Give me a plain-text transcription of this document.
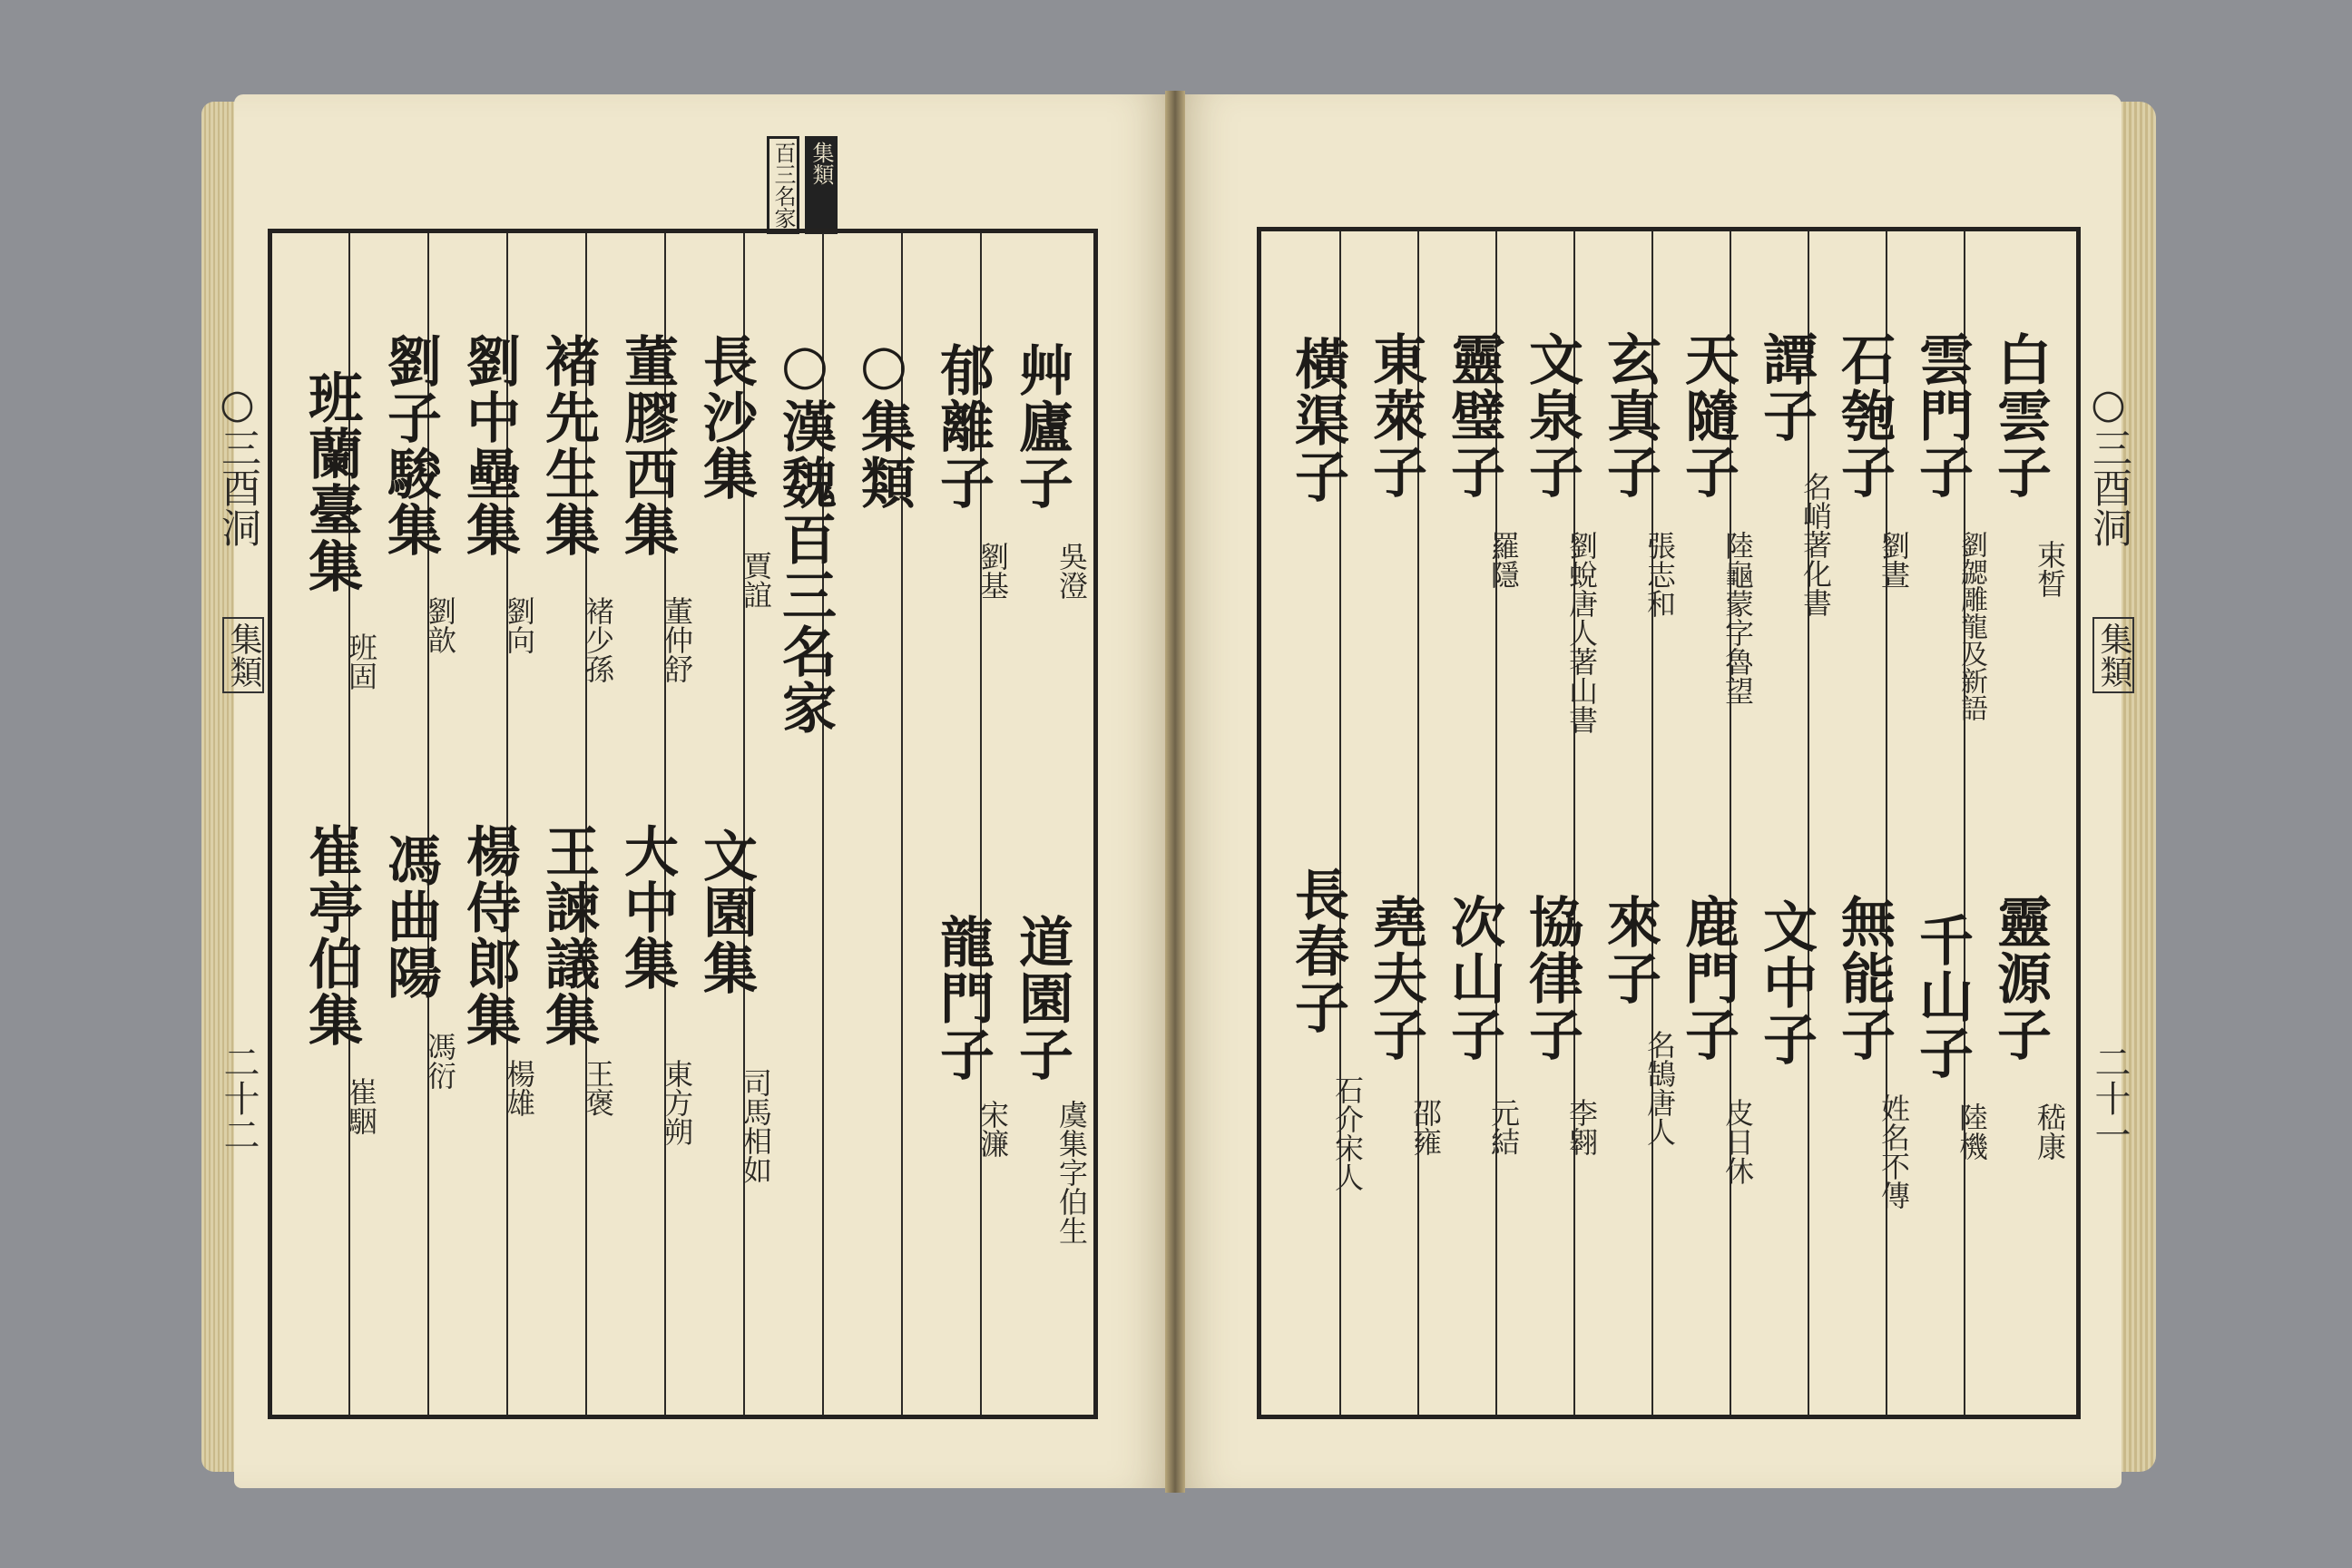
百三名家 集類
○三酉洞
集類
二十二
○三酉洞
集類
二十一
艸廬子
吳澄
道園子
虞集字伯生
郁離子
劉基
龍門子
宋濂
○集類
○漢魏百三名家
長沙集
賈誼
文園集
司馬相如
董膠西集
董仲舒
大中集
東方朔
褚先生集
褚少孫
王諫議集
王褒
劉中壘集
劉向
楊侍郎集
楊雄
劉子駿集
劉歆
馮曲陽
馮衍
班蘭臺集
班固
崔亭伯集
崔駰
白雲子
束晳
靈源子
嵇康
雲門子
劉勰雕龍及新語
千山子
陸機
石匏子
劉晝
無能子
姓名不傳
譚子
名峭著化書
文中子
天隨子
陸龜蒙字魯望
鹿門子
皮日休
玄真子
張志和
來子
名鵠唐人
文泉子
劉蛻唐人著山書
協律子
李翱
靈璧子
羅隱
次山子
元結
東萊子
堯夫子
邵雍
橫渠子
長春子
石介宋人
